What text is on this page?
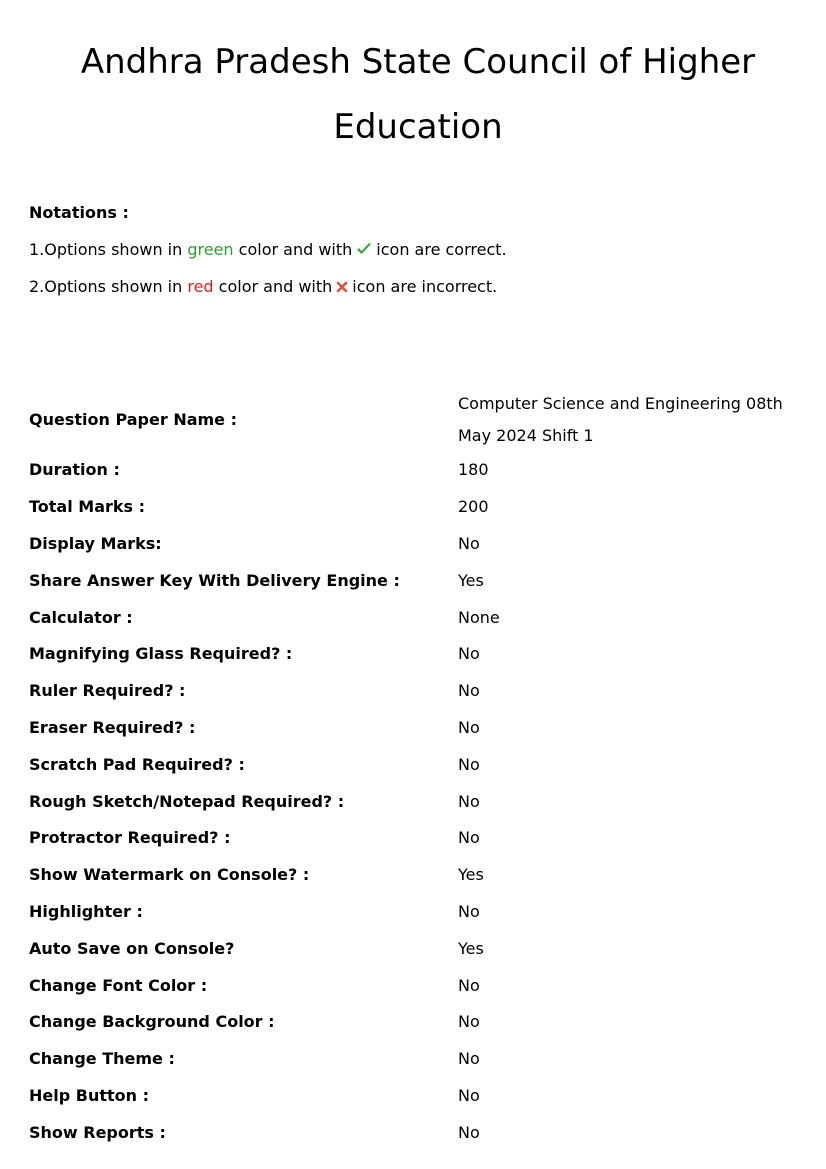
Andhra Pradesh State Council of Higher Education
Notations :
1.Options shown in green color and with icon are correct.
2.Options shown in red color and with icon are incorrect.
Question Paper Name :
Computer Science and Engineering 08th May 2024 Shift 1
Duration :	180
Total Marks :	200
Display Marks:	No
Share Answer Key With Delivery Engine :	Yes
Calculator :	None
Magnifying Glass Required? :	No
Ruler Required? :	No
Eraser Required? :	No
Scratch Pad Required? :	No
Rough Sketch/Notepad Required? :	No
Protractor Required? :	No
Show Watermark on Console? :	Yes
Highlighter :	No
Auto Save on Console?	Yes
Change Font Color :	No
Change Background Color :	No
Change Theme :	No
Help Button :	No
Show Reports :	No
